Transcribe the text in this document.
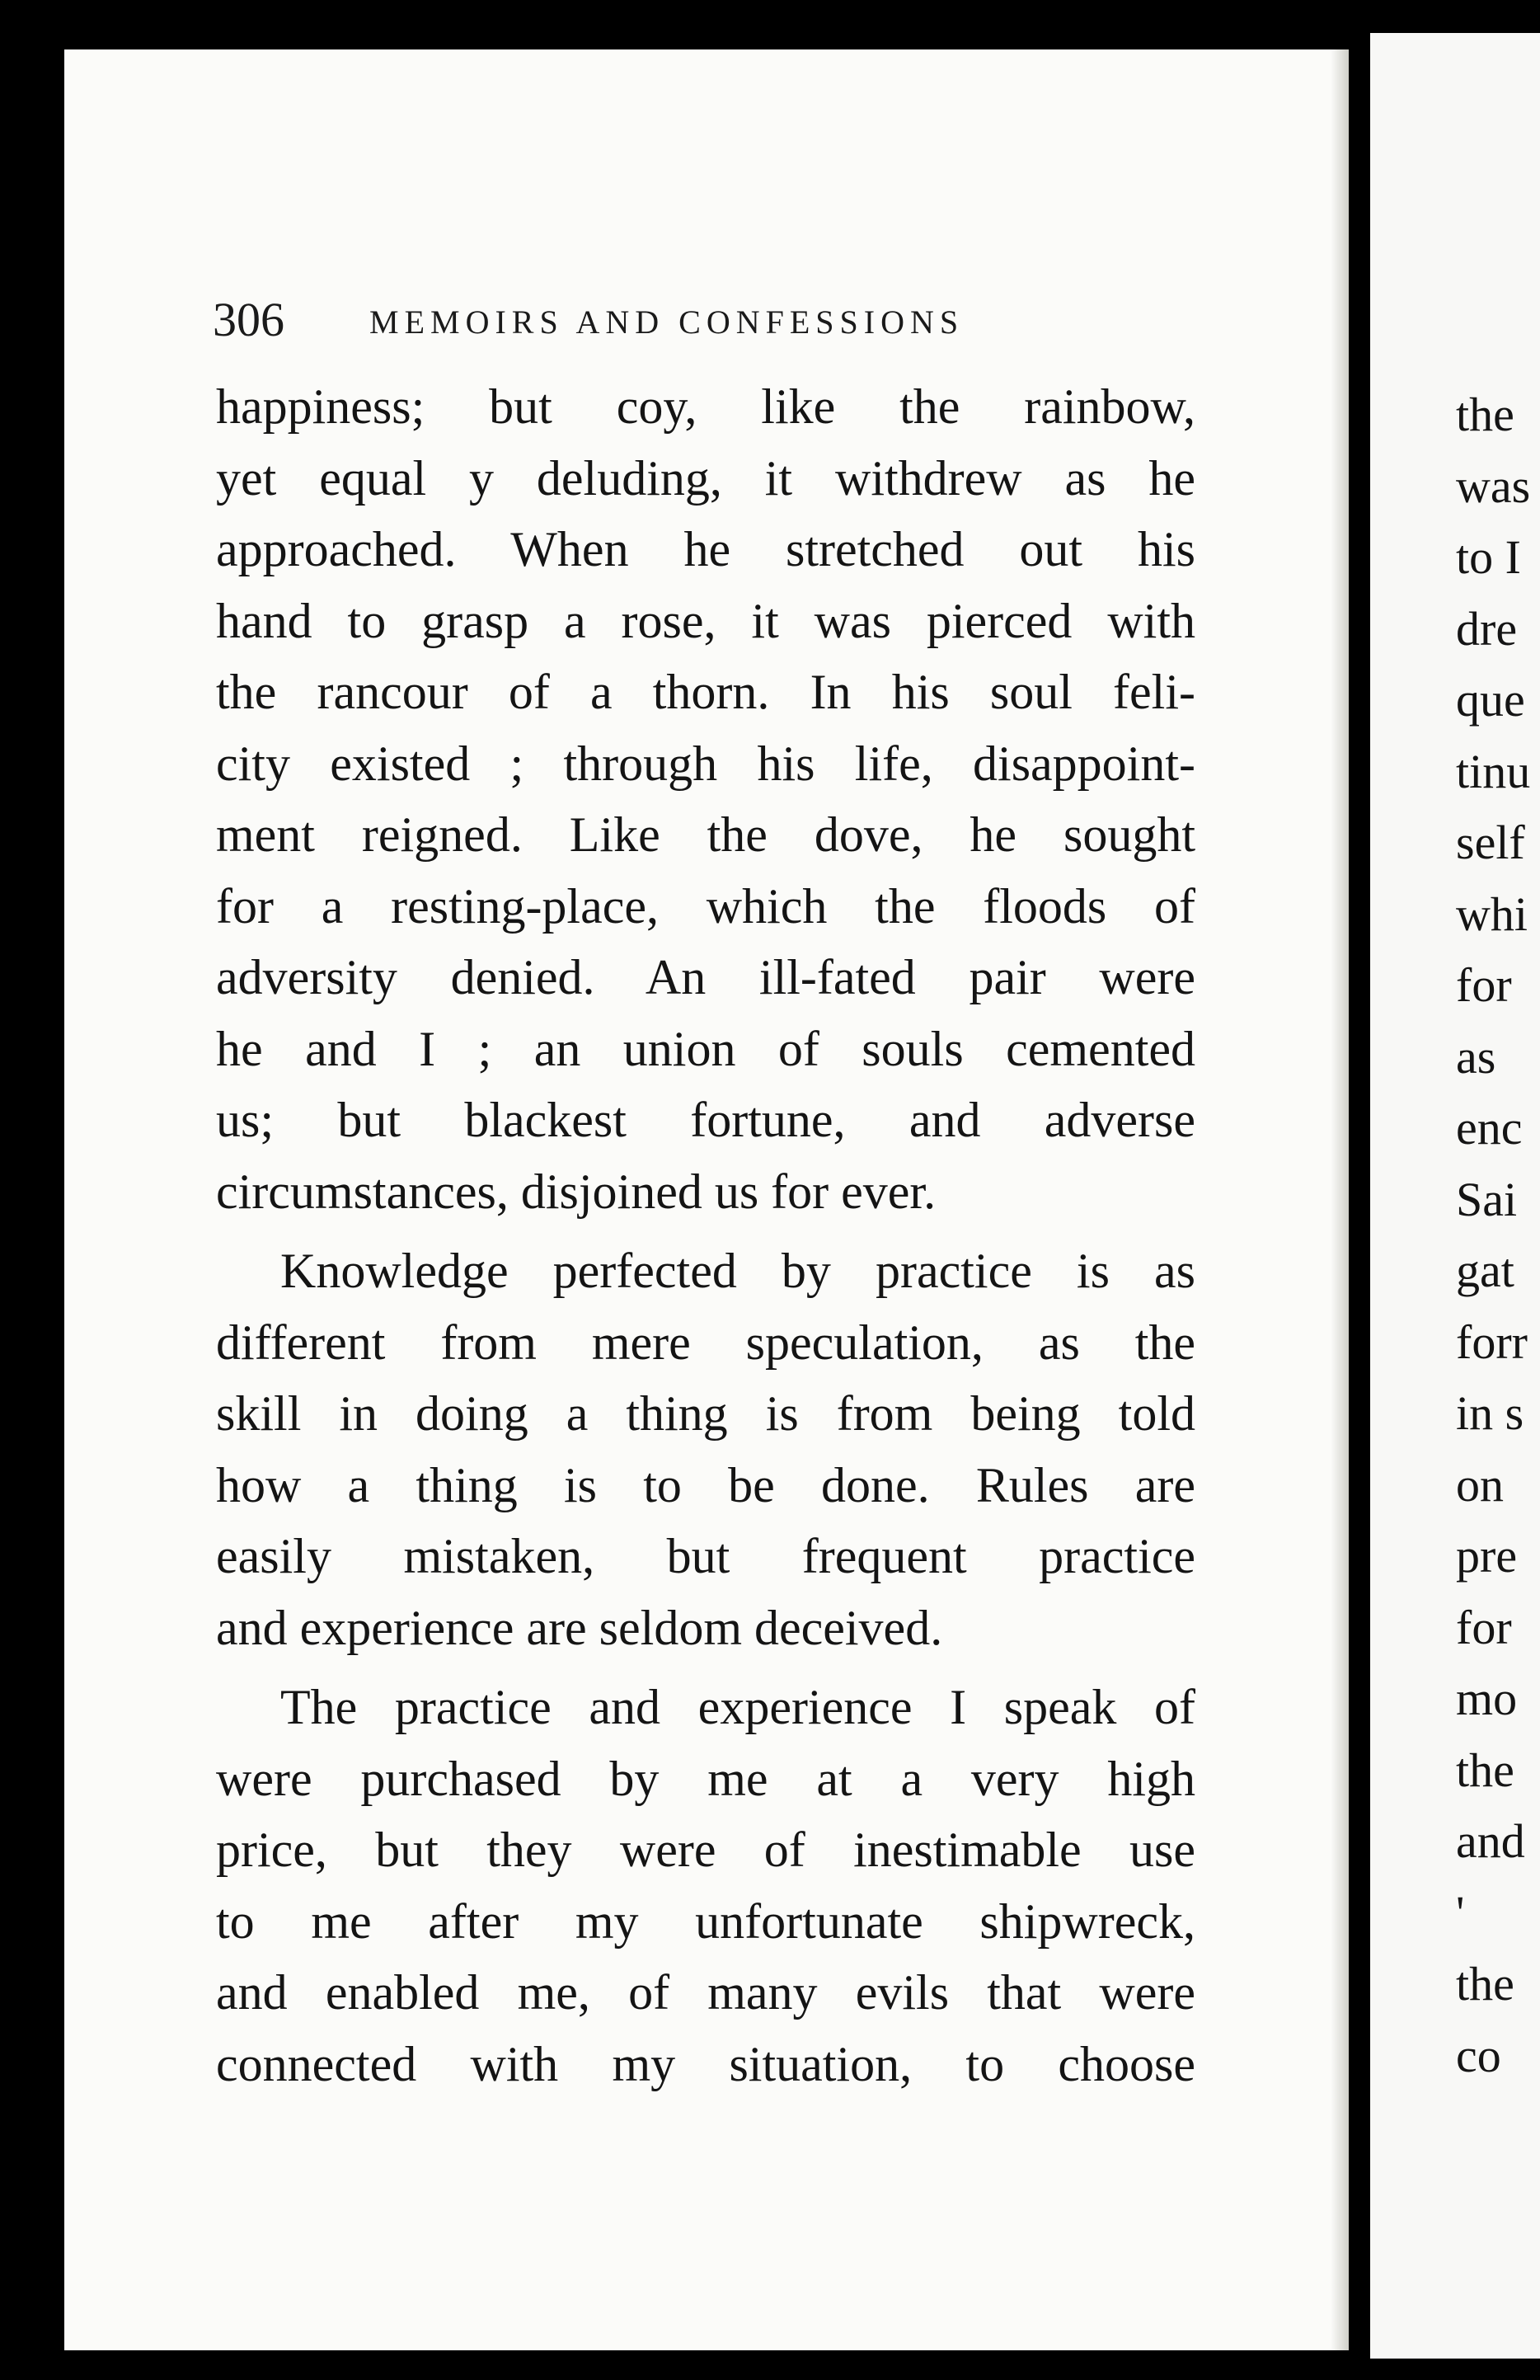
the
was
to I
dre
que
tinu
self
whi
for
as
enc
Sai
gat
forr
in s
on
pre
for
mo
the
and
'
the
co
306	MEMOIRS AND CONFESSIONS
happiness; but coy, like the rainbow,
yet equal y deluding, it withdrew as he
approached. When he stretched out his
hand to grasp a rose, it was pierced with
the rancour of a thorn. In his soul feli-
city existed ; through his life, disappoint-
ment reigned. Like the dove, he sought
for a resting-place, which the floods of
adversity denied. An ill-fated pair were
he and I ; an union of souls cemented
us; but blackest fortune, and adverse
circumstances, disjoined us for ever.
Knowledge perfected by practice is as
different from mere speculation, as the
skill in doing a thing is from being told
how a thing is to be done. Rules are
easily mistaken, but frequent practice
and experience are seldom deceived.
The practice and experience I speak of
were purchased by me at a very high
price, but they were of inestimable use
to me after my unfortunate shipwreck,
and enabled me, of many evils that were
connected with my situation, to choose
